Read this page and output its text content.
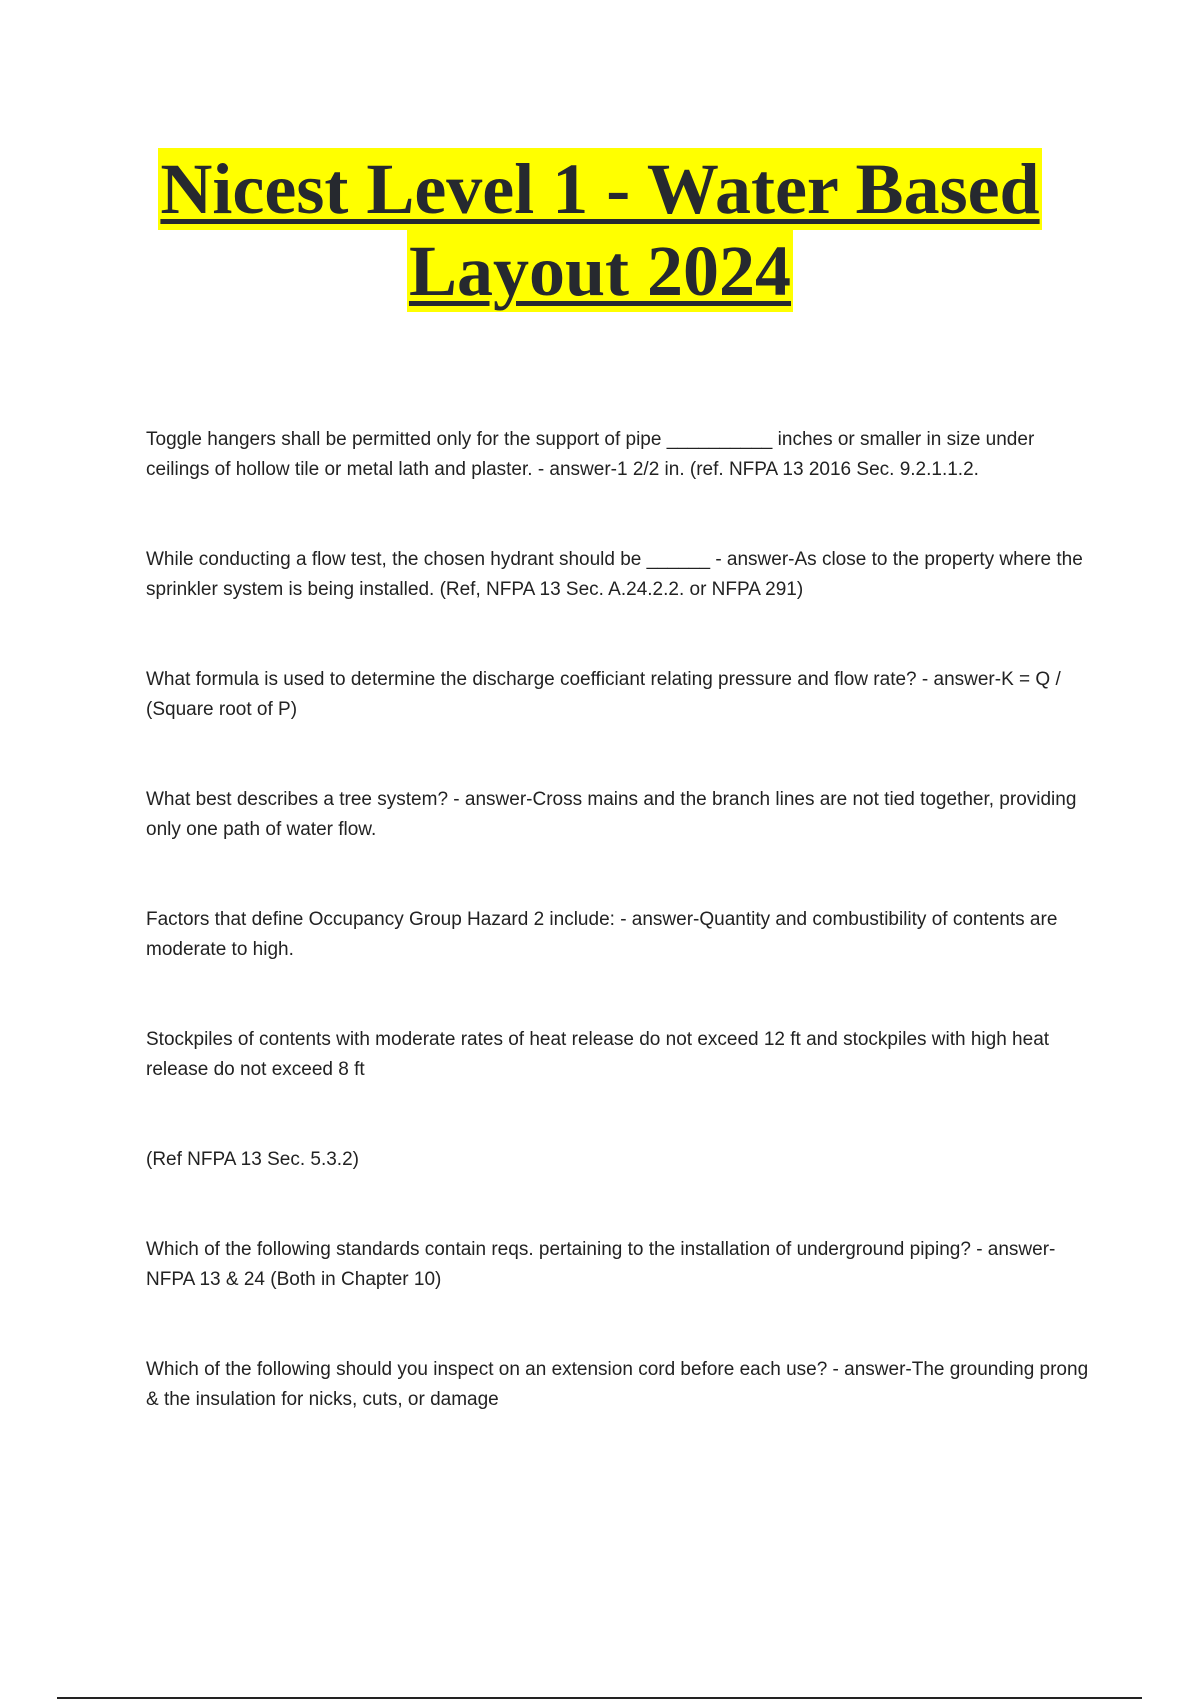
Nicest Level 1 - Water Based
Layout 2024
Toggle hangers shall be permitted only for the support of pipe __________ inches or smaller in size under ceilings of hollow tile or metal lath and plaster. - answer-1 2/2 in. (ref. NFPA 13 2016 Sec. 9.2.1.1.2.
While conducting a flow test, the chosen hydrant should be ______ - answer-As close to the property where the sprinkler system is being installed. (Ref, NFPA 13 Sec. A.24.2.2. or NFPA 291)
What formula is used to determine the discharge coefficiant relating pressure and flow rate? - answer-K = Q / (Square root of P)
What best describes a tree system? - answer-Cross mains and the branch lines are not tied together, providing only one path of water flow.
Factors that define Occupancy Group Hazard 2 include: - answer-Quantity and combustibility of contents are moderate to high.
Stockpiles of contents with moderate rates of heat release do not exceed 12 ft and stockpiles with high heat release do not exceed 8 ft
(Ref NFPA 13 Sec. 5.3.2)
Which of the following standards contain reqs. pertaining to the installation of underground piping? - answer-NFPA 13 & 24 (Both in Chapter 10)
Which of the following should you inspect on an extension cord before each use? - answer-The grounding prong & the insulation for nicks, cuts, or damage
